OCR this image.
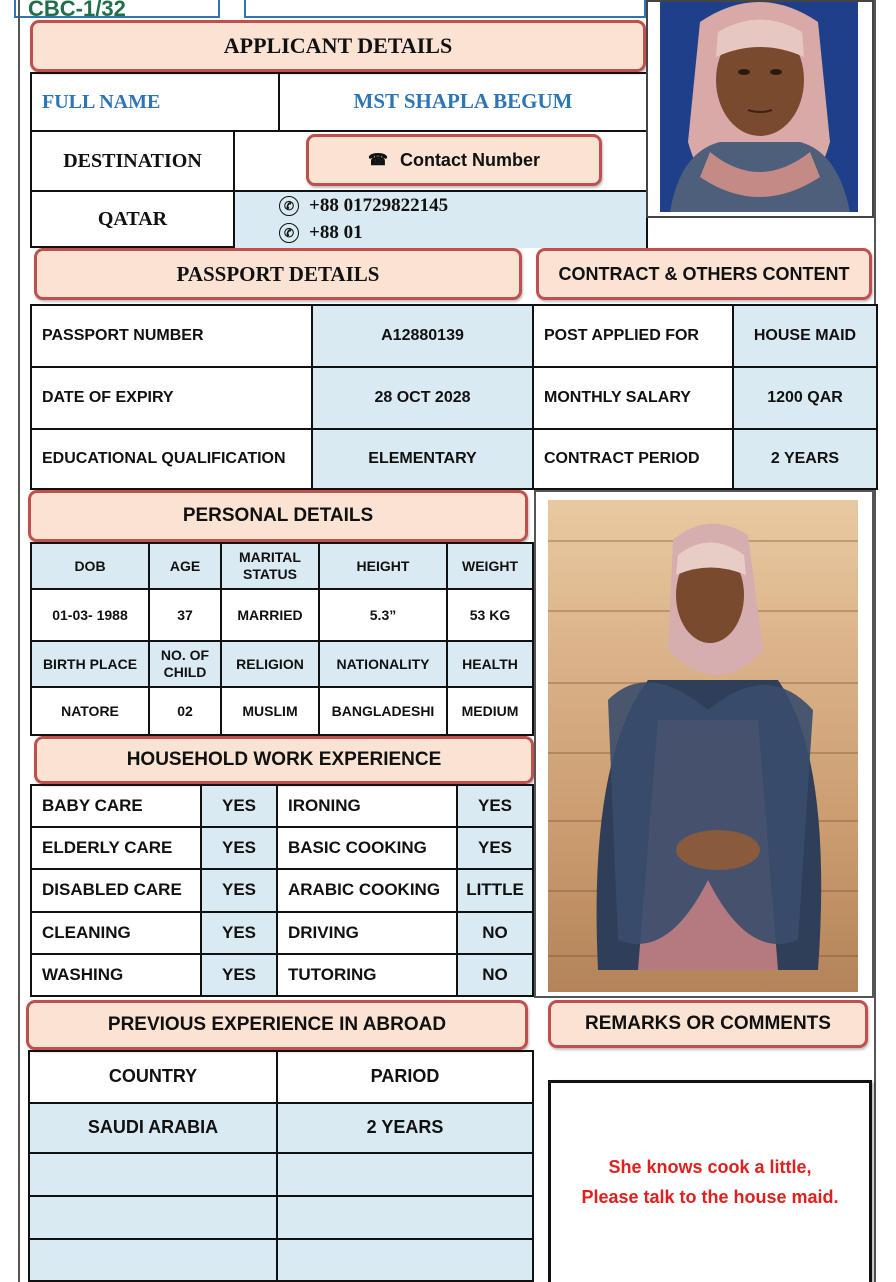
CBC-1/32
APPLICANT DETAILS
FULL NAME	MST SHAPLA BEGUM
DESTINATION
QATAR
✆ +88 01729822145
✆ +88 01
☎ Contact Number
PASSPORT DETAILS	CONTRACT & OTHERS CONTENT
PASSPORT NUMBER	A12880139	POST APPLIED FOR	HOUSE MAID

DATE OF EXPIRY	28 OCT 2028	MONTHLY SALARY	1200 QAR

EDUCATIONAL QUALIFICATION	ELEMENTARY	CONTRACT PERIOD	2 YEARS
PERSONAL DETAILS
DOB	AGE	MARITAL STATUS	HEIGHT	WEIGHT

01-03- 1988	37	MARRIED	5.3”	53 KG

BIRTH PLACE	NO. OF CHILD	RELIGION	NATIONALITY	HEALTH

NATORE	02	MUSLIM	BANGLADESHI	MEDIUM
HOUSEHOLD WORK EXPERIENCE
BABY CARE	YES	IRONING	YES

ELDERLY CARE	YES	BASIC COOKING	YES

DISABLED CARE	YES	ARABIC COOKING	LITTLE

CLEANING	YES	DRIVING	NO

WASHING	YES	TUTORING	NO
PREVIOUS EXPERIENCE IN ABROAD	REMARKS OR COMMENTS
COUNTRY	PARIOD

SAUDI ARABIA	2 YEARS

She knows cook a little, Please talk to the house maid.
